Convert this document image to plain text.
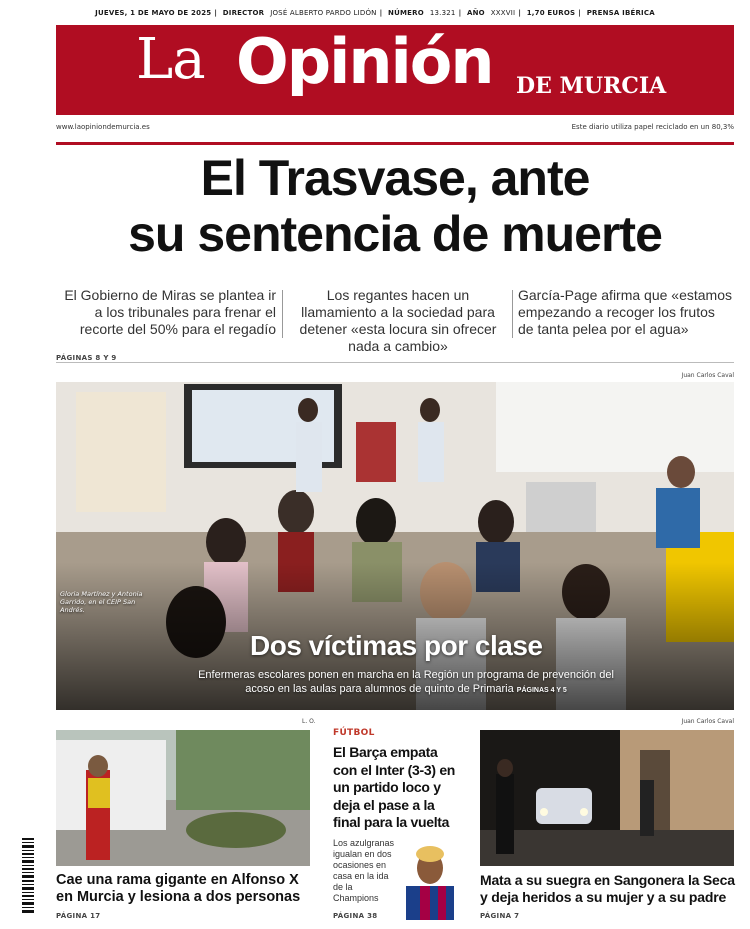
JUEVES, 1 DE MAYO DE 2025 | DIRECTOR JOSÉ ALBERTO PARDO LIDÓN | NÚMERO 13.321 | AÑO XXXVII | 1,70 EUROS | PRENSA IBÉRICA
La Opinión DE MURCIA
www.laopiniondemurcia.es	Este diario utiliza papel reciclado en un 80,3%
El Trasvase, ante
su sentencia de muerte
El Gobierno de Miras se plantea ir a los tribunales para frenar el recorte del 50% para el regadío
Los regantes hacen un llamamiento a la sociedad para detener «esta locura sin ofrecer nada a cambio»
García-Page afirma que «estamos empezando a recoger los frutos de tanta pelea por el agua»
PÁGINAS 8 Y 9
Juan Carlos Caval
Gloria Martínez y Antonia Garrido, en el CEIP San Andrés.
Dos víctimas por clase
Enfermeras escolares ponen en marcha en la Región un programa de prevención del acoso en las aulas para alumnos de quinto de Primaria PÁGINAS 4 Y 5
L. O.
Cae una rama gigante en Alfonso X en Murcia y lesiona a dos personas
PÁGINA 17
FÚTBOL
El Barça empata con el Inter (3-3) en un partido loco y deja el pase a la final para la vuelta
Los azulgranas igualan en dos ocasiones en casa en la ida de la Champions
PÁGINA 38
Juan Carlos Caval
Mata a su suegra en Sangonera la Seca y deja heridos a su mujer y a su padre
PÁGINA 7
